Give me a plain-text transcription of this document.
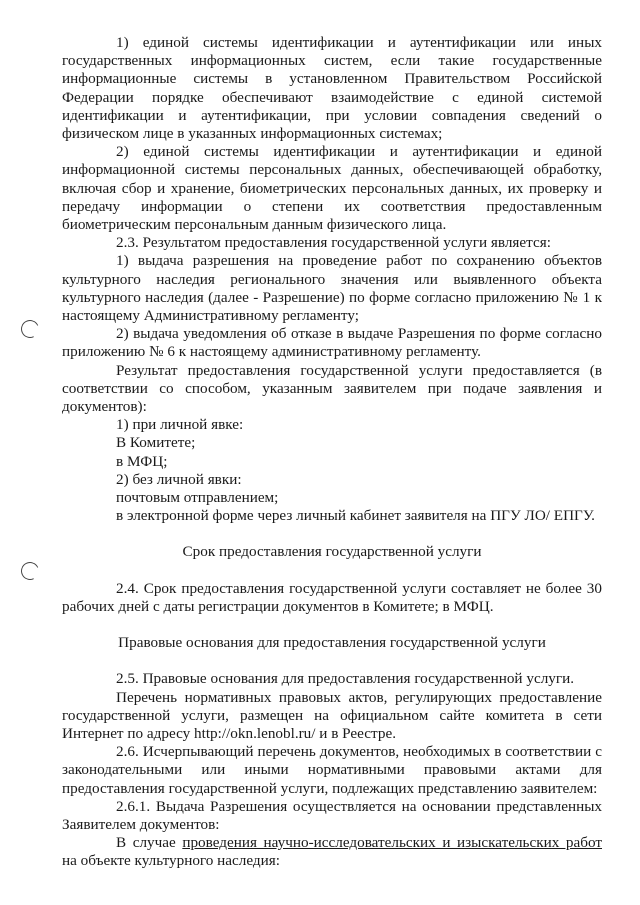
1) единой системы идентификации и аутентификации или иных государственных информационных систем, если такие государственные информационные системы в установленном Правительством Российской Федерации порядке обеспечивают взаимодействие с единой системой идентификации и аутентификации, при условии совпадения сведений о физическом лице в указанных информационных системах;

2) единой системы идентификации и аутентификации и единой информационной системы персональных данных, обеспечивающей обработку, включая сбор и хранение, биометрических персональных данных, их проверку и передачу информации о степени их соответствия предоставленным биометрическим персональным данным физического лица.

2.3. Результатом предоставления государственной услуги является:

1) выдача разрешения на проведение работ по сохранению объектов культурного наследия регионального значения или выявленного объекта культурного наследия (далее - Разрешение) по форме согласно приложению № 1 к настоящему Административному регламенту;

2) выдача уведомления об отказе в выдаче Разрешения по форме согласно приложению № 6 к настоящему административному регламенту.

Результат предоставления государственной услуги предоставляется (в соответствии со способом, указанным заявителем при подаче заявления и документов):

1) при личной явке:

В Комитете;

в МФЦ;

2) без личной явки:

почтовым отправлением;

в электронной форме через личный кабинет заявителя на ПГУ ЛО/ ЕПГУ.

Срок предоставления государственной услуги

2.4. Срок предоставления государственной услуги составляет не более 30 рабочих дней с даты регистрации документов в Комитете; в МФЦ.

Правовые основания для предоставления государственной услуги

2.5. Правовые основания для предоставления государственной услуги.

Перечень нормативных правовых актов, регулирующих предоставление государственной услуги, размещен на официальном сайте комитета в сети Интернет по адресу http://okn.lenobl.ru/ и в Реестре.

2.6. Исчерпывающий перечень документов, необходимых в соответствии с законодательными или иными нормативными правовыми актами для предоставления государственной услуги, подлежащих представлению заявителем:

2.6.1. Выдача Разрешения осуществляется на основании представленных Заявителем документов:

В случае проведения научно-исследовательских и изыскательских работ на объекте культурного наследия:
